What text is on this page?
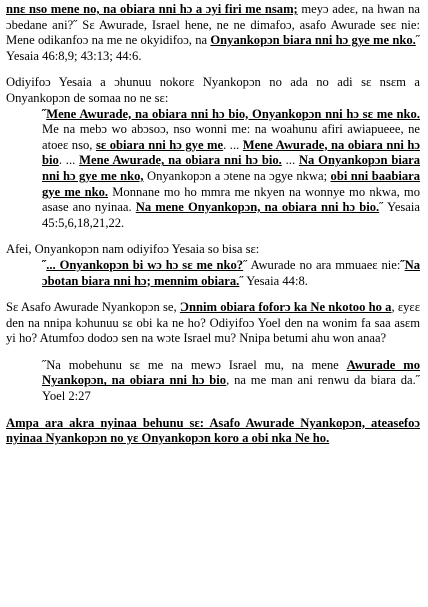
nnɛ nso mene no, na obiara nni hɔ a ɔyi firi me nsam; meyɔ adeɛ, na hwan na ɔbedane ani?˝ Sɛ Awurade, Israel hene, ne ne dimafoɔ, asafo Awurade seɛ nie: Mene odikanfoɔ na me ne okyidifoɔ, na Onyankopɔn biara nni hɔ gye me nko.˝ Yesaia 46:8,9; 43:13; 44:6.

Odiyifoɔ Yesaia a ɔhunuu nokorɛ Nyankopɔn no ada no adi sɛ nsɛm a Onyankopɔn de somaa no ne sɛ:

˝Mene Awurade, na obiara nni hɔ bio, Onyankopɔn nni hɔ sɛ me nko. Me na mebɔ wo abɔsoɔ, nso wonni me: na woahunu afiri awiapueee, ne atoeɛ nso, sɛ obiara nni hɔ gye me. ... Mene Awurade, na obiara nni hɔ bio. ... Mene Awurade, na obiara nni hɔ bio. ... Na Onyankopɔn biara nni hɔ gye me nko, Onyankopɔn a ɔtene na ɔgye nkwa; obi nni baabiara gye me nko. Monnane mo ho mmra me nkyen na wonnye mo nkwa, mo asase ano nyinaa. Na mene Onyankopɔn, na obiara nni hɔ bio.˝ Yesaia 45:5,6,18,21,22.

Afei, Onyankopɔn nam odiyifoɔ Yesaia so bisa sɛ:

˝... Onyankopɔn bi wɔ hɔ sɛ me nko?˝ Awurade no ara mmuaeɛ nie:˝Na ɔbotan biara nni hɔ; mennim obiara.˝ Yesaia 44:8.

Sɛ Asafo Awurade Nyankopɔn se, Ɔnnim obiara foforɔ ka Ne nkotoo ho a, ɛyɛɛ den na nnipa kɔhunuu sɛ obi ka ne ho? Odiyifoɔ Yoel den na wonim fa saa asɛm yi ho? Atumfoɔ dodoɔ sen na wɔte Israel mu? Nnipa betumi ahu won anaa?

˝Na mobehunu sɛ me na mewɔ Israel mu, na mene Awurade mo Nyankopɔn, na obiara nni hɔ bio, na me man ani renwu da biara da.˝ Yoel 2:27

Ampa ara akra nyinaa behunu sɛ: Asafo Awurade Nyankopɔn, ateasefoɔ nyinaa Nyankopɔn no yɛ Onyankopɔn koro a obi nka Ne ho.
